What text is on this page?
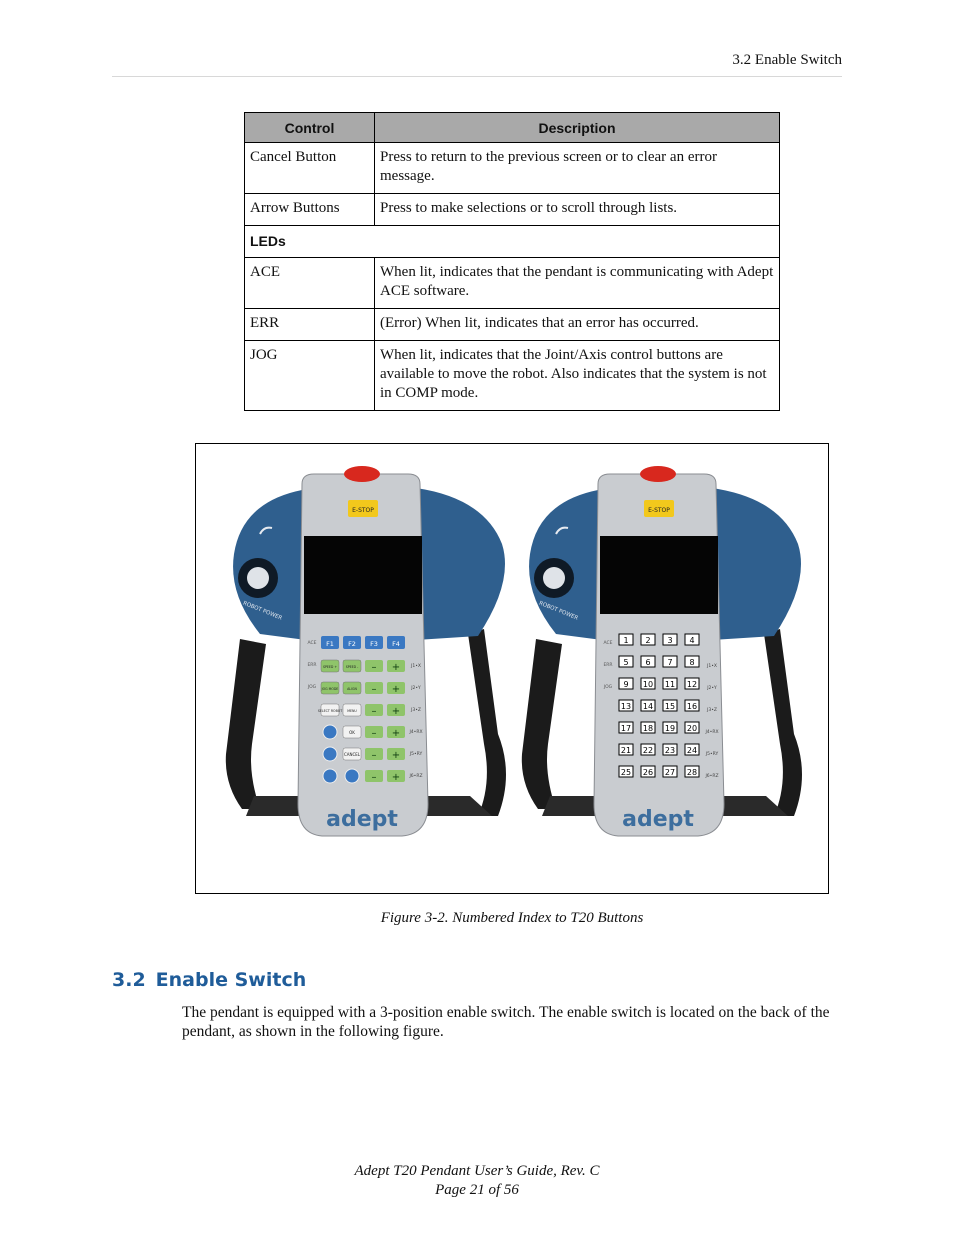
3.2 Enable Switch
Control	Description
Cancel Button	Press to return to the previous screen or to clear an error message.
Arrow Buttons	Press to make selections or to scroll through lists.
LEDs	
ACE	When lit, indicates that the pendant is communicating with Adept ACE software.
ERR	(Error) When lit, indicates that an error has occurred.
JOG	When lit, indicates that the Joint/Axis control buttons are available to move the robot. Also indicates that the system is not in COMP mode.
E-STOP
ROBOT POWER
ACE
ERR
JOG
J1•X
J2•Y
J3•Z
J4•RX
J5•RY
J6•RZ
F1 F2 F3 F4
SPEED +	SPEED -
JOG MODE	ALIGN
SELECT ROBOT MENU
OK
CANCEL
– +
– +
– +
– +
– +
– +
adept
E-STOP
ROBOT POWER
ACE
ERR
JOG
J1•X
J2•Y
J3•Z
J4•RX
J5•RY
J6•RZ
1 2 3 4
5 6 7 8
9 10 11 12
13 14 15 16
17 18 19 20
21 22 23 24
25 26 27 28
adept
Figure 3-2. Numbered Index to T20 Buttons
3.2 Enable Switch
The pendant is equipped with a 3-position enable switch. The enable switch is located on the back of the pendant, as shown in the following figure.
Adept T20 Pendant User’s Guide, Rev. C
Page 21 of 56
